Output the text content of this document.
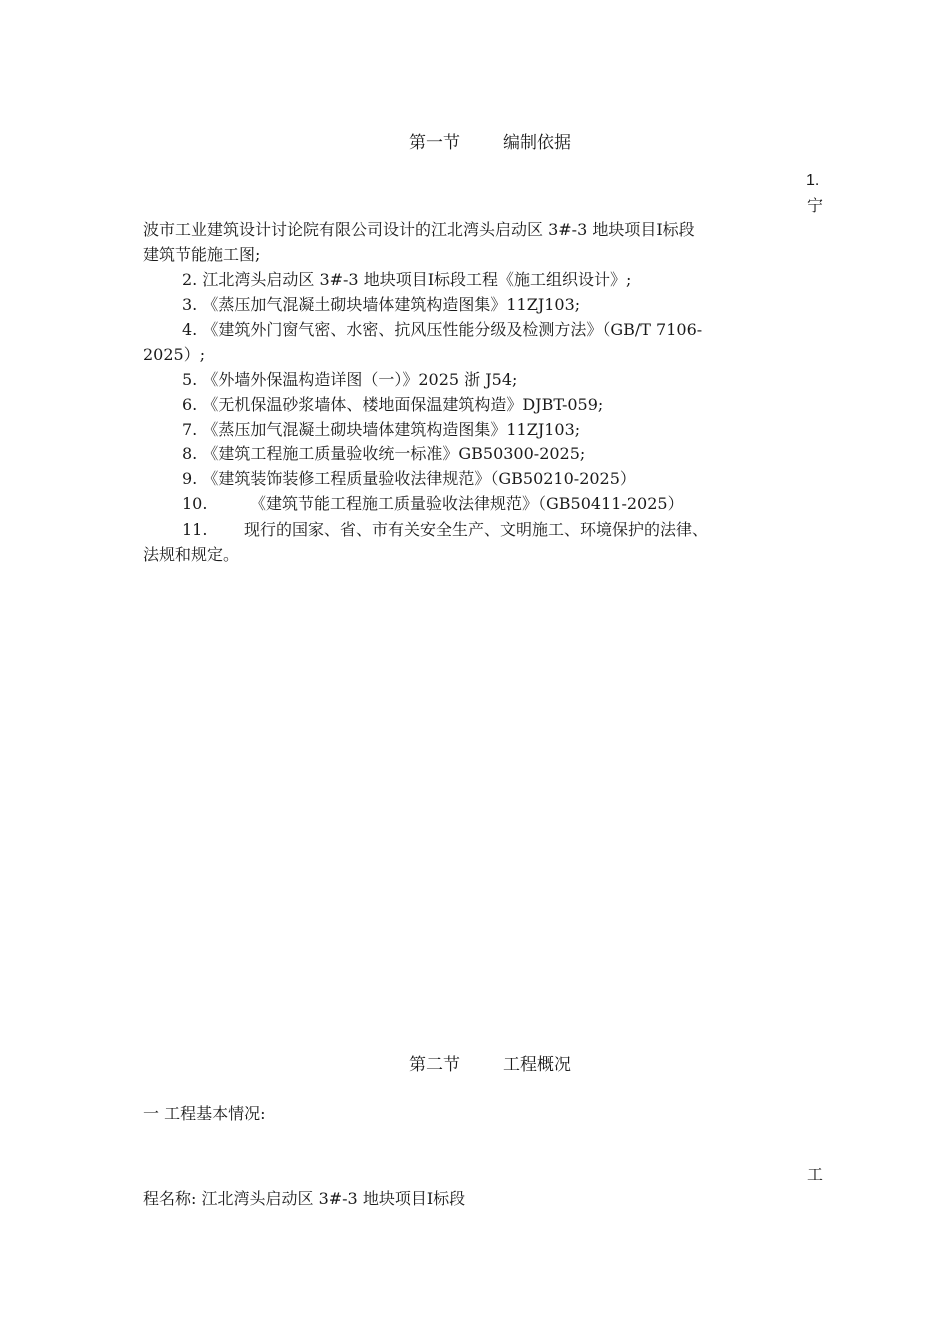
第一节	编制依据
1.
宁
波市工业建筑设计讨论院有限公司设计的江北湾头启动区 3#-3 地块项目Ⅰ标段
建筑节能施工图;
2. 江北湾头启动区 3#-3 地块项目Ⅰ标段工程《施工组织设计》;
3. 《蒸压加气混凝土砌块墙体建筑构造图集》11ZJ103;
4. 《建筑外门窗气密、水密、抗风压性能分级及检测方法》（GB/T 7106-
2025）;
5. 《外墙外保温构造详图（一）》2025 浙 J54;
6. 《无机保温砂浆墙体、楼地面保温建筑构造》DJBT-059;
7. 《蒸压加气混凝土砌块墙体建筑构造图集》11ZJ103;
8. 《建筑工程施工质量验收统一标准》GB50300-2025;
9. 《建筑装饰装修工程质量验收法律规范》（GB50210-2025）
10.	《建筑节能工程施工质量验收法律规范》（GB50411-2025）
11. 现行的国家、省、市有关安全生产、文明施工、环境保护的法律、
法规和规定。
第二节	工程概况
一 工程基本情况:
工
程名称: 江北湾头启动区 3#-3 地块项目Ⅰ标段
